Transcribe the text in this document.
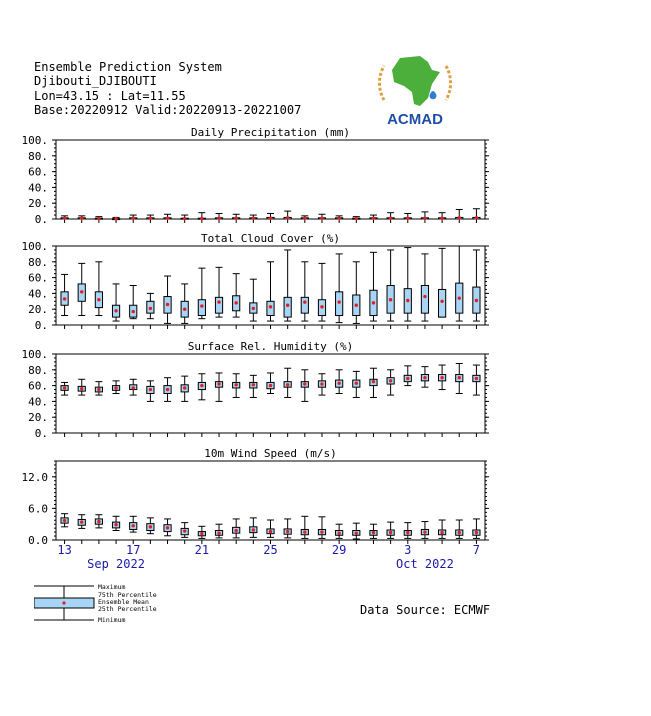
Ensemble Prediction System
Djibouti_DJIBOUTI
Lon=43.15 : Lat=11.55
Base:20220912 Valid:20220913-20221007
ACMAD
Daily Precipitation (mm)
0.
20.
40.
60.
80.
100.
Total Cloud Cover (%)
0.
20.
40.
60.
80.
100.
Surface Rel. Humidity (%)
0.
20.
40.
60.
80.
100.
10m Wind Speed (m/s)
0.0
6.0
12.0
13	17	21	25	29	3	7
Sep 2022	Oct 2022
Maximum
75th Percentile
Ensemble Mean
25th Percentile
Minimum
Data Source: ECMWF
